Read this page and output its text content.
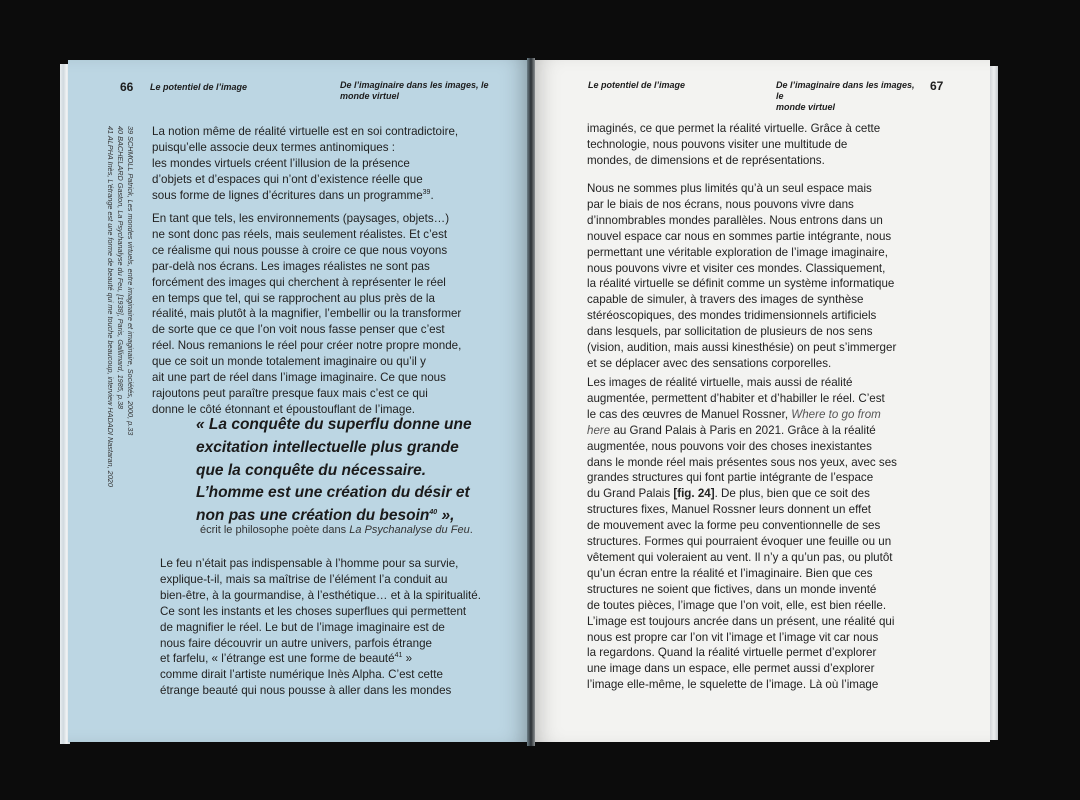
66 Le potentiel de l’image	De l’imaginaire dans les images, le
monde virtuel
39 SCHMOLL Patrick, Les mondes virtuels, entre imaginaire et imaginaire, Sociétés, 2000, p.33
40 BACHELARD Gaston, La Psychanalyse du Feu, [1938], Paris, Gallimard, 1985, p.38
41 ALPHA Inès, L’étrange est une forme de beauté qui me touche beaucoup, interview HADADI Nastaran, 2020	La notion même de réalité virtuelle est en soi contradictoire,
puisqu’elle associe deux termes antinomiques :
les mondes virtuels créent l’illusion de la présence
d’objets et d’espaces qui n’ont d’existence réelle que
sous forme de lignes d’écritures dans un programme$^{39}$.
En tant que tels, les environnements (paysages, objets…)
ne sont donc pas réels, mais seulement réalistes. Et c’est
ce réalisme qui nous pousse à croire ce que nous voyons
par-delà nos écrans. Les images réalistes ne sont pas
forcément des images qui cherchent à représenter le réel
en temps que tel, qui se rapprochent au plus près de la
réalité, mais plutôt à la magnifier, l’embellir ou la transformer
de sorte que ce que l’on voit nous fasse penser que c’est
réel. Nous remanions le réel pour créer notre propre monde,
que ce soit un monde totalement imaginaire ou qu’il y
ait une part de réel dans l’image imaginaire. Ce que nous
rajoutons peut paraître presque faux mais c’est ce qui
donne le côté étonnant et époustouflant de l’image.
« La conquête du superflu donne une
excitation intellectuelle plus grande
que la conquête du nécessaire.
L’homme est une création du désir et
non pas une création du besoin$^{40}$ »,
écrit le philosophe poète dans La Psychanalyse du Feu.
Le feu n’était pas indispensable à l’homme pour sa survie,
explique-t-il, mais sa maîtrise de l’élément l’a conduit au
bien-être, à la gourmandise, à l’esthétique… et à la spiritualité.
Ce sont les instants et les choses superflues qui permettent
de magnifier le réel. Le but de l’image imaginaire est de
nous faire découvrir un autre univers, parfois étrange
et farfelu, « l’étrange est une forme de beauté$^{41}$ »
comme dirait l’artiste numérique Inès Alpha. C’est cette
étrange beauté qui nous pousse à aller dans les mondes
Le potentiel de l’image	De l’imaginaire dans les images, le
monde virtuel
67
imaginés, ce que permet la réalité virtuelle. Grâce à cette
technologie, nous pouvons visiter une multitude de
mondes, de dimensions et de représentations.
Nous ne sommes plus limités qu’à un seul espace mais
par le biais de nos écrans, nous pouvons vivre dans
d’innombrables mondes parallèles. Nous entrons dans un
nouvel espace car nous en sommes partie intégrante, nous
permettant une véritable exploration de l’image imaginaire,
nous pouvons vivre et visiter ces mondes. Classiquement,
la réalité virtuelle se définit comme un système informatique
capable de simuler, à travers des images de synthèse
stéréoscopiques, des mondes tridimensionnels artificiels
dans lesquels, par sollicitation de plusieurs de nos sens
(vision, audition, mais aussi kinesthésie) on peut s’immerger
et se déplacer avec des sensations corporelles.
Les images de réalité virtuelle, mais aussi de réalité
augmentée, permettent d’habiter et d’habiller le réel. C’est
le cas des œuvres de Manuel Rossner, Where to go from
here au Grand Palais à Paris en 2021. Grâce à la réalité
augmentée, nous pouvons voir des choses inexistantes
dans le monde réel mais présentes sous nos yeux, avec ses
grandes structures qui font partie intégrante de l’espace
du Grand Palais [fig. 24]. De plus, bien que ce soit des
structures fixes, Manuel Rossner leurs donnent un effet
de mouvement avec la forme peu conventionnelle de ses
structures. Formes qui pourraient évoquer une feuille ou un
vêtement qui voleraient au vent. Il n’y a qu’un pas, ou plutôt
qu’un écran entre la réalité et l’imaginaire. Bien que ces
structures ne soient que fictives, dans un monde inventé
de toutes pièces, l’image que l’on voit, elle, est bien réelle.
L’image est toujours ancrée dans un présent, une réalité qui
nous est propre car l’on vit l’image et l’image vit car nous
la regardons. Quand la réalité virtuelle permet d’explorer
une image dans un espace, elle permet aussi d’explorer
l’image elle-même, le squelette de l’image. Là où l’image
